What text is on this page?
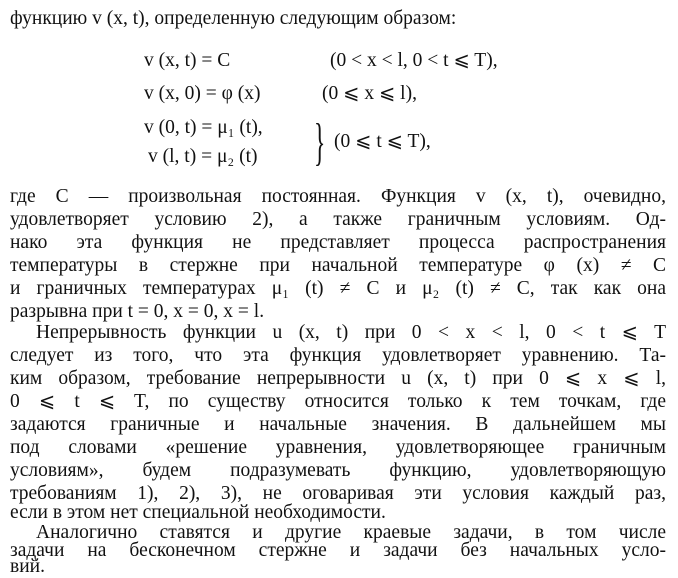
функцию v (x, t), определенную следующим образом:
v (x, t) = C	(0 < x < l, 0 < t ⩽ T),
v (x, 0) = φ (x)	(0 ⩽ x ⩽ l),
v (0, t) = μ₁ (t),
v (l, t) = μ₂ (t) } (0 ⩽ t ⩽ T),
где C — произвольная постоянная. Функция v (x, t), очевидно,
удовлетворяет условию 2), а также граничным условиям. Од-
нако эта функция не представляет процесса распространения
температуры в стержне при начальной температуре φ (x) ≠ C
и граничных температурах μ₁ (t) ≠ C и μ₂ (t) ≠ C, так как она
разрывна при t = 0, x = 0, x = l.
Непрерывность функции u (x, t) при 0 < x < l, 0 < t ⩽ T
следует из того, что эта функция удовлетворяет уравнению. Та-
ким образом, требование непрерывности u (x, t) при 0 ⩽ x ⩽ l,
0 ⩽ t ⩽ T, по существу относится только к тем точкам, где
задаются граничные и начальные значения. В дальнейшем мы
под словами «решение уравнения, удовлетворяющее граничным
условиям», будем подразумевать функцию, удовлетворяющую
требованиям 1), 2), 3), не оговаривая эти условия каждый раз,
если в этом нет специальной необходимости.
Аналогично ставятся и другие краевые задачи, в том числе
задачи на бесконечном стержне и задачи без начальных усло-
вий.
